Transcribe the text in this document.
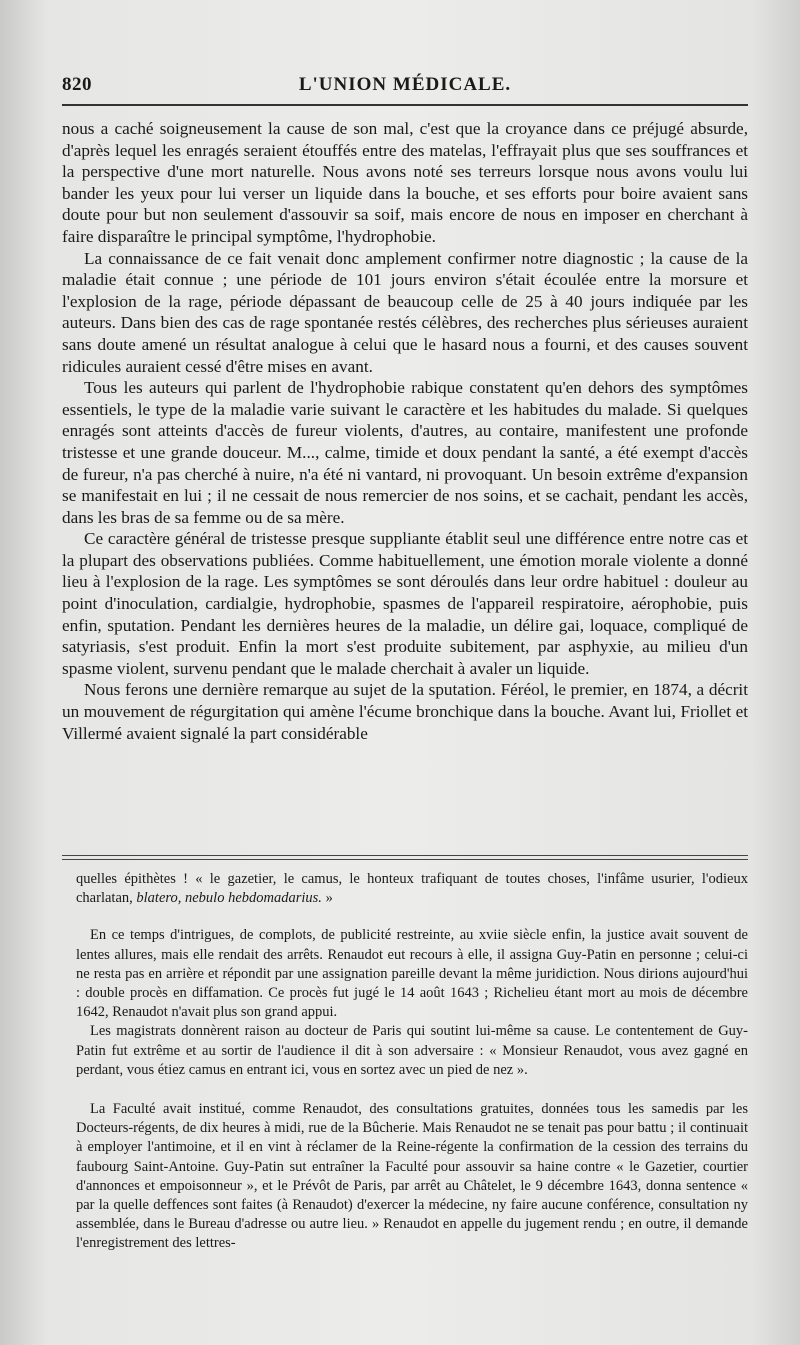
820	L'UNION MÉDICALE.

nous a caché soigneusement la cause de son mal, c'est que la croyance dans ce préjugé absurde, d'après lequel les enragés seraient étouffés entre des matelas, l'effrayait plus que ses souffrances et la perspective d'une mort naturelle. Nous avons noté ses terreurs lorsque nous avons voulu lui bander les yeux pour lui verser un liquide dans la bouche, et ses efforts pour boire avaient sans doute pour but non seulement d'assouvir sa soif, mais encore de nous en imposer en cherchant à faire disparaître le principal symptôme, l'hydrophobie.

La connaissance de ce fait venait donc amplement confirmer notre diagnostic ; la cause de la maladie était connue ; une période de 101 jours environ s'était écoulée entre la morsure et l'explosion de la rage, période dépassant de beaucoup celle de 25 à 40 jours indiquée par les auteurs. Dans bien des cas de rage spontanée restés célèbres, des recherches plus sérieuses auraient sans doute amené un résultat analogue à celui que le hasard nous a fourni, et des causes souvent ridicules auraient cessé d'être mises en avant.

Tous les auteurs qui parlent de l'hydrophobie rabique constatent qu'en dehors des symptômes essentiels, le type de la maladie varie suivant le caractère et les habitudes du malade. Si quelques enragés sont atteints d'accès de fureur violents, d'autres, au contaire, manifestent une profonde tristesse et une grande douceur. M..., calme, timide et doux pendant la santé, a été exempt d'accès de fureur, n'a pas cherché à nuire, n'a été ni vantard, ni provoquant. Un besoin extrême d'expansion se manifestait en lui ; il ne cessait de nous remercier de nos soins, et se cachait, pendant les accès, dans les bras de sa femme ou de sa mère.

Ce caractère général de tristesse presque suppliante établit seul une différence entre notre cas et la plupart des observations publiées. Comme habituellement, une émotion morale violente a donné lieu à l'explosion de la rage. Les symptômes se sont déroulés dans leur ordre habituel : douleur au point d'inoculation, cardialgie, hydrophobie, spasmes de l'appareil respiratoire, aérophobie, puis enfin, sputation. Pendant les dernières heures de la maladie, un délire gai, loquace, compliqué de satyriasis, s'est produit. Enfin la mort s'est produite subitement, par asphyxie, au milieu d'un spasme violent, survenu pendant que le malade cherchait à avaler un liquide.

Nous ferons une dernière remarque au sujet de la sputation. Féréol, le premier, en 1874, a décrit un mouvement de régurgitation qui amène l'écume bronchique dans la bouche. Avant lui, Friollet et Villermé avaient signalé la part considérable

quelles épithètes ! « le gazetier, le camus, le honteux trafiquant de toutes choses, l'infâme usurier, l'odieux charlatan, blatero, nebulo hebdomadarius. »

En ce temps d'intrigues, de complots, de publicité restreinte, au xviie siècle enfin, la justice avait souvent de lentes allures, mais elle rendait des arrêts. Renaudot eut recours à elle, il assigna Guy-Patin en personne ; celui-ci ne resta pas en arrière et répondit par une assignation pareille devant la même juridiction. Nous dirions aujourd'hui : double procès en diffamation. Ce procès fut jugé le 14 août 1643 ; Richelieu étant mort au mois de décembre 1642, Renaudot n'avait plus son grand appui.

Les magistrats donnèrent raison au docteur de Paris qui soutint lui-même sa cause. Le contentement de Guy-Patin fut extrême et au sortir de l'audience il dit à son adversaire : « Monsieur Renaudot, vous avez gagné en perdant, vous étiez camus en entrant ici, vous en sortez avec un pied de nez ».

La Faculté avait institué, comme Renaudot, des consultations gratuites, données tous les samedis par les Docteurs-régents, de dix heures à midi, rue de la Bûcherie. Mais Renaudot ne se tenait pas pour battu ; il continuait à employer l'antimoine, et il en vint à réclamer de la Reine-régente la confirmation de la cession des terrains du faubourg Saint-Antoine. Guy-Patin sut entraîner la Faculté pour assouvir sa haine contre « le Gazetier, courtier d'annonces et empoisonneur », et le Prévôt de Paris, par arrêt au Châtelet, le 9 décembre 1643, donna sentence « par la quelle deffences sont faites (à Renaudot) d'exercer la médecine, ny faire aucune conférence, consultation ny assemblée, dans le Bureau d'adresse ou autre lieu. » Renaudot en appelle du jugement rendu ; en outre, il demande l'enregistrement des lettres-
